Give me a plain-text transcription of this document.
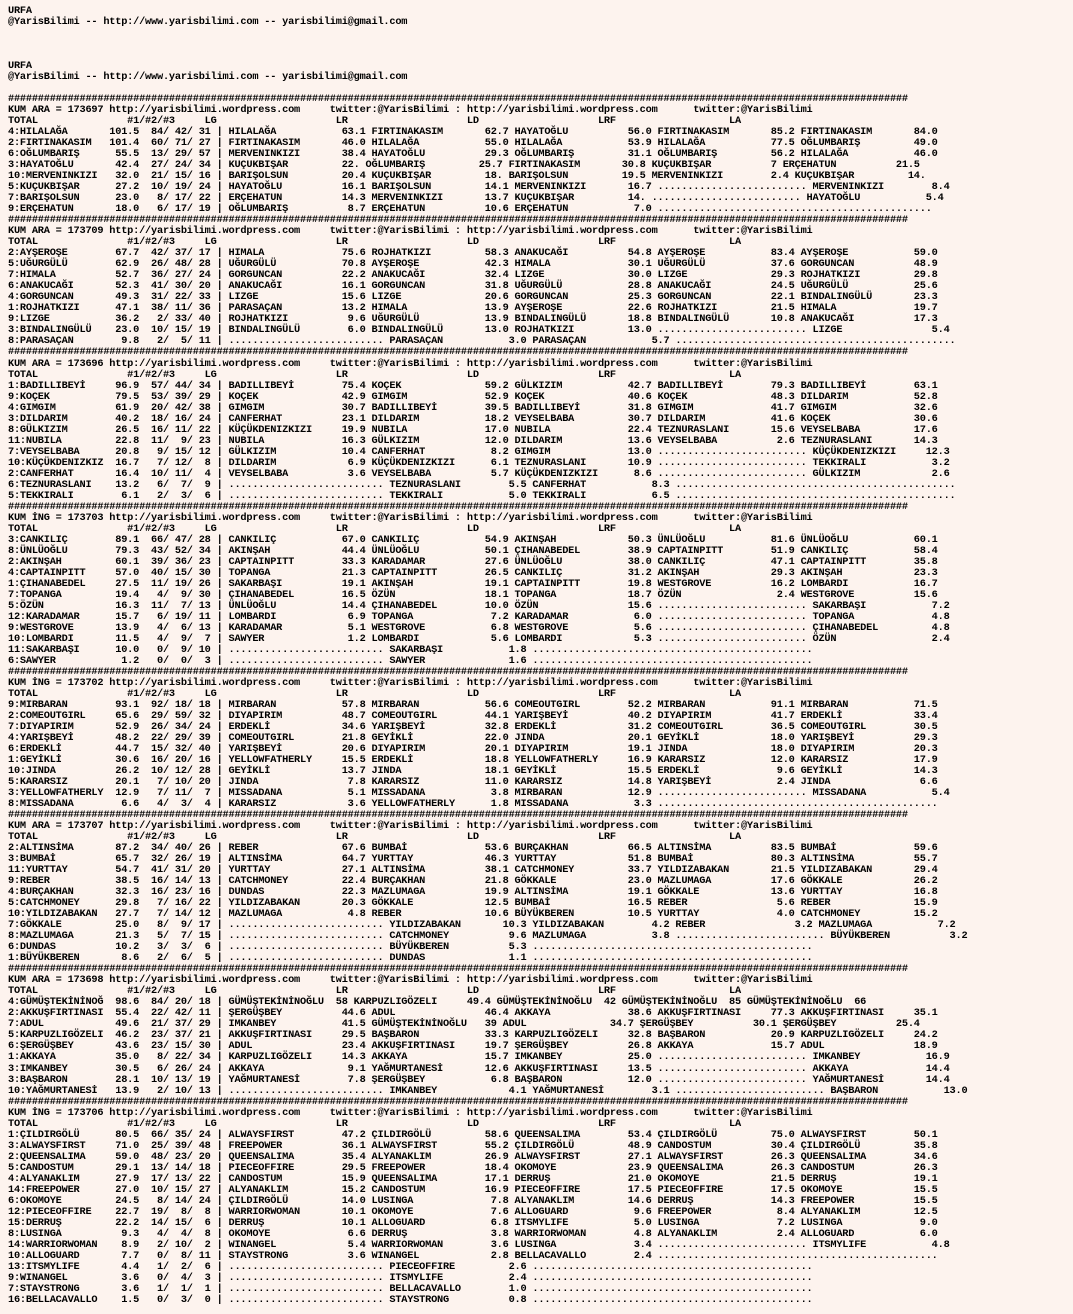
URFA
@YarisBilimi -- http://www.yarisbilimi.com -- yarisbilimi@gmail.com
URFA
@YarisBilimi -- http://www.yarisbilimi.com -- yarisbilimi@gmail.com
#######################################################################################################################################################
KUM ARA = 173697 http://yarisbilimi.wordpress.com     twitter:@YarisBilimi : http://yarisbilimi.wordpress.com      twitter:@YarisBilimi
TOTAL               #1/#2/#3     LG                    LR                    LD                    LRF                   LA
4:HILALAĞA       101.5  84/ 42/ 31 | HILALAĞA           63.1 FIRTINAKASIM       62.7 HAYATOĞLU          56.0 FIRTINAKASIM       85.2 FIRTINAKASIM       84.0
2:FIRTINAKASIM   101.4  60/ 71/ 27 | FIRTINAKASIM       46.0 HILALAĞA           55.0 HILALAĞA           53.9 HILALAĞA           77.5 OĞLUMBARIŞ         49.0
6:OĞLUMBARIŞ      55.5  13/ 29/ 57 | MERVENINKIZI       38.4 HAYATOĞLU          29.3 OĞLUMBARIŞ         31.1 OĞLUMBARIŞ         56.2 HILALAĞA           46.0
3:HAYATOĞLU       42.4  27/ 24/ 34 | KUÇUKBIŞAR         22. OĞLUMBARIŞ         25.7 FIRTINAKASIM       30.8 KUÇUKBIŞAR          7 ERÇEHATUN          21.5
10:MERVENINKIZI   32.0  21/ 15/ 16 | BARIŞOLSUN         20.4 KUÇUKBIŞAR         18. BARIŞOLSUN         19.5 MERVENINKIZI        2.4 KUÇUKBIŞAR         14.
5:KUÇUKBIŞAR      27.2  10/ 19/ 24 | HAYATOĞLU          16.1 BARIŞOLSUN         14.1 MERVENINKIZI       16.7 ......................... MERVENINKIZI        8.4
7:BARIŞOLSUN      23.0   8/ 17/ 22 | ERÇEHATUN          14.3 MERVENINKIZI       13.7 KUÇUKBIŞAR         14. ......................... HAYATOĞLU           5.4
9:ERÇEHATUN       18.0   6/ 17/ 19 | OĞLUMBARIŞ          8.7 ERÇEHATUN          10.6 ERÇEHATUN           7.0 ..............................................
#######################################################################################################################################################
KUM ARA = 173709 http://yarisbilimi.wordpress.com     twitter:@YarisBilimi : http://yarisbilimi.wordpress.com      twitter:@YarisBilimi
TOTAL               #1/#2/#3     LG                    LR                    LD                    LRF                   LA
2:AYŞEROŞE        67.7  42/ 37/ 17 | HIMALA             75.6 ROJHATKIZI         58.3 ANAKUCAĞI          54.8 AYŞEROŞE           83.4 AYŞEROŞE           59.0
5:UĞURGÜLÜ        62.9  26/ 48/ 28 | UĞURGÜLÜ           70.8 AYŞEROŞE           42.3 HIMALA             30.1 UĞURGÜLÜ           37.6 GORGUNCAN          48.9
7:HIMALA          52.7  36/ 27/ 24 | GORGUNCAN          22.2 ANAKUCAĞI          32.4 LIZGE              30.0 LIZGE              29.3 ROJHATKIZI         29.8
6:ANAKUCAĞI       52.3  41/ 30/ 20 | ANAKUCAĞI          16.1 GORGUNCAN          31.8 UĞURGÜLÜ           28.8 ANAKUCAĞI          24.5 UĞURGÜLÜ           25.6
4:GORGUNCAN       49.3  31/ 22/ 33 | LIZGE              15.6 LIZGE              20.6 GORGUNCAN          25.3 GORGUNCAN          22.1 BINDALINGÜLÜ       23.3
1:ROJHATKIZI      47.1  38/ 11/ 36 | PARASAÇAN          13.2 HIMALA             13.9 AYŞEROŞE           22.6 ROJHATKIZI         21.5 HIMALA             19.7
9:LIZGE           36.2   2/ 33/ 40 | ROJHATKIZI          9.6 UĞURGÜLÜ           13.9 BINDALINGÜLÜ       18.8 BINDALINGÜLÜ       10.8 ANAKUCAĞI          17.3
3:BINDALINGÜLÜ    23.0  10/ 15/ 19 | BINDALINGÜLÜ        6.0 BINDALINGÜLÜ       13.0 ROJHATKIZI         13.0 ......................... LIZGE               5.4
8:PARASAÇAN        9.8   2/  5/ 11 | .......................... PARASAÇAN           3.0 PARASAÇAN           5.7 ...............................................
#######################################################################################################################################################
KUM ARA = 173696 http://yarisbilimi.wordpress.com     twitter:@YarisBilimi : http://yarisbilimi.wordpress.com      twitter:@YarisBilimi
TOTAL               #1/#2/#3     LG                    LR                    LD                    LRF                   LA
1:BADILLIBEYİ     96.9  57/ 44/ 34 | BADILLIBEYİ        75.4 KOÇEK              59.2 GÜLKIZIM           42.7 BADILLIBEYİ        79.3 BADILLIBEYİ        63.1
9:KOÇEK           79.5  53/ 39/ 29 | KOÇEK              42.9 GIMGIM             52.9 KOÇEK              40.6 KOÇEK              48.3 DILDARIM           52.8
4:GIMGIM          61.9  20/ 42/ 38 | GIMGIM             30.7 BADILLIBEYİ        39.5 BADILLIBEYİ        31.8 GIMGIM             41.7 GIMGIM             32.6
3:DILDARIM        40.2  18/ 16/ 24 | CANFERHAT          23.1 DILDARIM           18.2 VEYSELBABA         30.7 DILDARIM           41.6 KOÇEK              30.6
8:GÜLKIZIM        26.5  16/ 11/ 22 | KÜÇÜKDENIZKIZI     19.9 NUBILA             17.0 NUBILA             22.4 TEZNURASLANI       15.6 VEYSELBABA         17.6
11:NUBILA         22.8  11/  9/ 23 | NUBILA             16.3 GÜLKIZIM           12.0 DILDARIM           13.6 VEYSELBABA          2.6 TEZNURASLANI       14.3
7:VEYSELBABA      20.8   9/ 15/ 12 | GÜLKIZIM           10.4 CANFERHAT           8.2 GIMGIM             13.0 ......................... KÜÇÜKDENIZKIZI     12.3
10:KÜÇÜKDENIZKIZ  16.7   7/ 12/  8 | DILDARIM            6.9 KÜÇÜKDENIZKIZI      6.1 TEZNURASLANI       10.9 ......................... TEKKIRALI           3.2
2:CANFERHAT       16.4  10/ 11/  4 | VEYSELBABA          3.6 VEYSELBABA          5.7 KÜÇÜKDENIZKIZI      8.6 ......................... GÜLKIZIM            2.6
6:TEZNURASLANI    13.2   6/  7/  9 | .......................... TEZNURASLANI        5.5 CANFERHAT           8.3 ...............................................
5:TEKKIRALI        6.1   2/  3/  6 | .......................... TEKKIRALI           5.0 TEKKIRALI           6.5 ...............................................
#######################################################################################################################################################
KUM İNG = 173703 http://yarisbilimi.wordpress.com     twitter:@YarisBilimi : http://yarisbilimi.wordpress.com      twitter:@YarisBilimi
TOTAL               #1/#2/#3     LG                    LR                    LD                    LRF                   LA
3:CANKILIÇ        89.1  66/ 47/ 28 | CANKILIÇ           67.0 CANKILIÇ           54.9 AKINŞAH            50.3 ÜNLÜOĞLU           81.6 ÜNLÜOĞLU           60.1
8:ÜNLÜOĞLU        79.3  43/ 52/ 34 | AKINŞAH            44.4 ÜNLÜOĞLU           50.1 ÇIHANABEDEL        38.9 CAPTAINPITT        51.9 CANKILIÇ           58.4
2:AKINŞAH         60.1  39/ 36/ 23 | CAPTAINPITT        33.3 KARADAMAR          27.6 ÜNLÜOĞLU           38.0 CANKILIÇ           47.1 CAPTAINPITT        35.8
4:CAPTAINPITT     57.0  40/ 15/ 30 | TOPANGA            21.3 CAPTAINPITT        26.5 CANKILIÇ           31.2 AKINŞAH            29.3 AKINŞAH            23.3
1:ÇIHANABEDEL     27.5  11/ 19/ 26 | SAKARBAŞI          19.1 AKINŞAH            19.1 CAPTAINPITT        19.8 WESTGROVE          16.2 LOMBARDI           16.7
7:TOPANGA         19.4   4/  9/ 30 | ÇIHANABEDEL        16.5 ÖZÜN               18.1 TOPANGA            18.7 ÖZÜN                2.4 WESTGROVE          15.6
5:ÖZÜN            16.3  11/  7/ 13 | ÜNLÜOĞLU           14.4 ÇIHANABEDEL        10.0 ÖZÜN               15.6 ......................... SAKARBAŞI           7.2
12:KARADAMAR      15.7   6/ 19/ 11 | LOMBARDI            6.9 TOPANGA             7.2 KARADAMAR           6.0 ......................... TOPANGA             4.8
9:WESTGROVE       13.9   4/  6/ 13 | KARADAMAR           5.1 WESTGROVE           6.8 WESTGROVE           5.6 ......................... ÇIHANABEDEL         4.8
10:LOMBARDI       11.5   4/  9/  7 | SAWYER              1.2 LOMBARDI            5.6 LOMBARDI            5.3 ......................... ÖZÜN                2.4
11:SAKARBAŞI      10.0   0/  9/ 10 | .......................... SAKARBAŞI           1.8 ...............................................
6:SAWYER           1.2   0/  0/  3 | .......................... SAWYER              1.6 ...............................................
#######################################################################################################################################################
KUM İNG = 173702 http://yarisbilimi.wordpress.com     twitter:@YarisBilimi : http://yarisbilimi.wordpress.com      twitter:@YarisBilimi
TOTAL               #1/#2/#3     LG                    LR                    LD                    LRF                   LA
9:MIRBARAN        93.1  92/ 18/ 18 | MIRBARAN           57.8 MIRBARAN           56.6 COMEOUTGIRL        52.2 MIRBARAN           91.1 MIRBARAN           71.5
2:COMEOUTGIRL     65.6  29/ 59/ 32 | DIYAPIRIM          48.7 COMEOUTGIRL        44.1 YARIŞBEYİ          40.2 DIYAPIRIM          41.7 ERDEKLİ            33.4
7:DIYAPIRIM       52.9  26/ 34/ 24 | ERDEKLİ            34.6 YARIŞBEYİ          32.8 ERDEKLİ            31.2 COMEOUTGIRL        36.5 COMEOUTGIRL        30.5
4:YARIŞBEYİ       48.2  22/ 29/ 39 | COMEOUTGIRL        21.8 GEYİKLİ            22.0 JINDA              20.1 GEYİKLİ            18.0 YARIŞBEYİ          29.3
6:ERDEKLİ         44.7  15/ 32/ 40 | YARIŞBEYİ          20.6 DIYAPIRIM          20.1 DIYAPIRIM          19.1 JINDA              18.0 DIYAPIRIM          20.3
1:GEYİKLİ         30.6  16/ 20/ 16 | YELLOWFATHERLY     15.5 ERDEKLİ            18.8 YELLOWFATHERLY     16.9 KARARSIZ           12.0 KARARSIZ           17.9
10:JINDA          26.2  10/ 12/ 28 | GEYİKLİ            13.7 JINDA              18.1 GEYİKLİ            15.5 ERDEKLİ             9.6 GEYİKLİ            14.3
5:KARARSIZ        20.1   7/ 10/ 20 | JINDA               7.8 KARARSIZ           11.0 KARARSIZ           14.8 YARIŞBEYİ           2.4 JINDA               6.6
3:YELLOWFATHERLY  12.9   7/ 11/  7 | MISSADANA           5.1 MISSADANA           3.8 MIRBARAN           12.9 ......................... MISSADANA           5.4
8:MISSADANA        6.6   4/  3/  4 | KARARSIZ            3.6 YELLOWFATHERLY      1.8 MISSADANA           3.3 ...............................................
#######################################################################################################################################################
KUM ARA = 173707 http://yarisbilimi.wordpress.com     twitter:@YarisBilimi : http://yarisbilimi.wordpress.com      twitter:@YarisBilimi
TOTAL               #1/#2/#3     LG                    LR                    LD                    LRF                   LA
2:ALTINSİMA       87.2  34/ 40/ 26 | REBER              67.6 BUMBAİ             53.6 BURÇAKHAN          66.5 ALTINSİMA          83.5 BUMBAİ             59.6
3:BUMBAİ          65.7  32/ 26/ 19 | ALTINSİMA          64.7 YURTTAY            46.3 YURTTAY            51.8 BUMBAİ             80.3 ALTINSİMA          55.7
11:YURTTAY        54.7  41/ 31/ 20 | YURTTAY            27.1 ALTINSİMA          38.1 CATCHMONEY         33.7 YILDIZABAKAN       21.5 YILDIZABAKAN       29.4
9:REBER           38.5  16/ 14/ 13 | CATCHMONEY         22.4 BURÇAKHAN          21.8 GÖKKALE            23.0 MAZLUMAGA          17.6 GÖKKALE            26.2
4:BURÇAKHAN       32.3  16/ 23/ 16 | DUNDAS             22.3 MAZLUMAGA          19.9 ALTINSİMA          19.1 GÖKKALE            13.6 YURTTAY            16.8
5:CATCHMONEY      29.8   7/ 16/ 22 | YILDIZABAKAN       20.3 GÖKKALE            12.5 BUMBAİ             16.5 REBER               5.6 REBER              15.9
10:YILDIZABAKAN   27.7   7/ 14/ 12 | MAZLUMAGA           4.8 REBER              10.6 BÜYÜKBEREN         10.5 YURTTAY             4.0 CATCHMONEY         15.2
7:GÖKKALE         25.0   8/  9/ 17 | .......................... YILDIZABAKAN       10.3 YILDIZABAKAN        4.2 REBER               3.2 MAZLUMAGA           7.2
8:MAZLUMAGA       21.3   5/  7/ 15 | .......................... CATCHMONEY          9.6 MAZLUMAGA           3.8 ......................... BÜYÜKBEREN          3.2
6:DUNDAS          10.2   3/  3/  6 | .......................... BÜYÜKBEREN          5.3 ...............................................
1:BÜYÜKBEREN       8.6   2/  6/  5 | .......................... DUNDAS              1.1 ...............................................
#######################################################################################################################################################
KUM ARA = 173698 http://yarisbilimi.wordpress.com     twitter:@YarisBilimi : http://yarisbilimi.wordpress.com      twitter:@YarisBilimi
TOTAL               #1/#2/#3     LG                    LR                    LD                    LRF                   LA
4:GÜMÜŞTEKİNİNOĞ  98.6  84/ 20/ 18 | GÜMÜŞTEKİNİNOĞLU  58 KARPUZLIGÖZELI     49.4 GÜMÜŞTEKİNİNOĞLU  42 GÜMÜŞTEKİNİNOĞLU  85 GÜMÜŞTEKİNİNOĞLU  66
2:AKKUŞFIRTINASI  55.4  22/ 42/ 11 | ŞERGÜŞBEY          44.6 ADUL               46.4 AKKAYA             38.6 AKKUŞFIRTINASI     77.3 AKKUŞFIRTINASI     35.1
7:ADUL            49.6  21/ 37/ 29 | IMKANBEY           41.5 GÜMÜŞTEKİNİNOĞLU   39 ADUL              34.7 ŞERGÜŞBEY          30.1 ŞERGÜŞBEY          25.4
5:KARPUZLIGÖZELI  46.2  23/ 37/ 21 | AKKUŞFIRTINASI     29.5 BAŞBARON           33.3 KARPUZLIGÖZELI     32.8 BAŞBARON           20.9 KARPUZLIGÖZELI     24.2
6:ŞERGÜŞBEY       43.6  23/ 15/ 30 | ADUL               23.4 AKKUŞFIRTINASI     19.7 ŞERGÜŞBEY          26.8 AKKAYA             15.7 ADUL               18.9
1:AKKAYA          35.0   8/ 22/ 34 | KARPUZLIGÖZELI     14.3 AKKAYA             15.7 IMKANBEY           25.0 ......................... IMKANBEY           16.9
3:IMKANBEY        30.5   6/ 26/ 24 | AKKAYA              9.1 YAĞMURTANESİ       12.6 AKKUŞFIRTINASI     13.5 ......................... AKKAYA             14.4
3:BAŞBARON        28.1  10/ 13/ 19 | YAĞMURTANESİ        7.8 ŞERGÜŞBEY           6.8 BAŞBARON           12.0 ......................... YAĞMURTANESİ       14.4
10:YAĞMURTANESİ   13.9   2/ 10/ 13 | .......................... IMKANBEY            4.1 YAĞMURTANESİ        3.1 ......................... BAŞBARON           13.0
#######################################################################################################################################################
KUM İNG = 173706 http://yarisbilimi.wordpress.com     twitter:@YarisBilimi : http://yarisbilimi.wordpress.com      twitter:@YarisBilimi
TOTAL               #1/#2/#3     LG                    LR                    LD                    LRF                   LA
1:ÇILDIRGÖLÜ      80.5  66/ 35/ 24 | ALWAYSFIRST        47.2 ÇILDIRGÖLÜ         58.6 QUEENSALIMA        53.4 ÇILDIRGÖLÜ         75.0 ALWAYSFIRST        50.1
3:ALWAYSFIRST     71.0  25/ 39/ 48 | FREEPOWER          36.1 ALWAYSFIRST        55.2 ÇILDIRGÖLÜ         48.9 CANDOSTUM          30.4 ÇILDIRGÖLÜ         35.8
2:QUEENSALIMA     59.0  48/ 23/ 20 | QUEENSALIMA        35.4 ALYANAKLIM         26.9 ALWAYSFIRST        27.1 ALWAYSFIRST        26.3 QUEENSALIMA        34.6
5:CANDOSTUM       29.1  13/ 14/ 18 | PIECEOFFIRE        29.5 FREEPOWER          18.4 OKOMOYE            23.9 QUEENSALIMA        26.3 CANDOSTUM          26.3
4:ALYANAKLIM      27.9  17/ 13/ 22 | CANDOSTUM          15.9 QUEENSALIMA        17.1 DERRUŞ             21.0 OKOMOYE            21.5 DERRUŞ             19.1
14:FREEPOWER      27.0  10/ 15/ 27 | ALYANAKLIM         15.2 CANDOSTUM          16.9 PIECEOFFIRE        17.5 PIECEOFFIRE        17.5 OKOMOYE            15.5
6:OKOMOYE         24.5   8/ 14/ 24 | ÇILDIRGÖLÜ         14.0 LUSINGA             7.8 ALYANAKLIM         14.6 DERRUŞ             14.3 FREEPOWER          15.5
12:PIECEOFFIRE    22.7  19/  8/  8 | WARRIORWOMAN       10.1 OKOMOYE             7.6 ALLOGUARD           9.6 FREEPOWER           8.4 ALYANAKLIM         12.5
15:DERRUŞ         22.2  14/ 15/  6 | DERRUŞ             10.1 ALLOGUARD           6.8 ITSMYLIFE           5.0 LUSINGA             7.2 LUSINGA             9.0
8:LUSINGA          9.3   4/  4/  8 | OKOMOYE             6.6 DERRUŞ              3.8 WARRIORWOMAN        4.8 ALYANAKLIM          2.4 ALLOGUARD           6.0
14:WARRIORWOMAN    8.9   2/ 10/  2 | WINANGEL            5.4 WARRIORWOMAN        3.6 LUSINGA             3.4 ......................... ITSMYLIFE           4.8
10:ALLOGUARD       7.7   0/  8/ 11 | STAYSTRONG          3.6 WINANGEL            2.8 BELLACAVALLO        2.4 ...............................................
13:ITSMYLIFE       4.4   1/  2/  6 | .......................... PIECEOFFIRE         2.6 ...............................................
9:WINANGEL         3.6   0/  4/  3 | .......................... ITSMYLIFE           2.4 ...............................................
7:STAYSTRONG       3.6   1/  1/  1 | .......................... BELLACAVALLO        1.0 ...............................................
16:BELLACAVALLO    1.5   0/  3/  0 | .......................... STAYSTRONG          0.8 ...............................................
